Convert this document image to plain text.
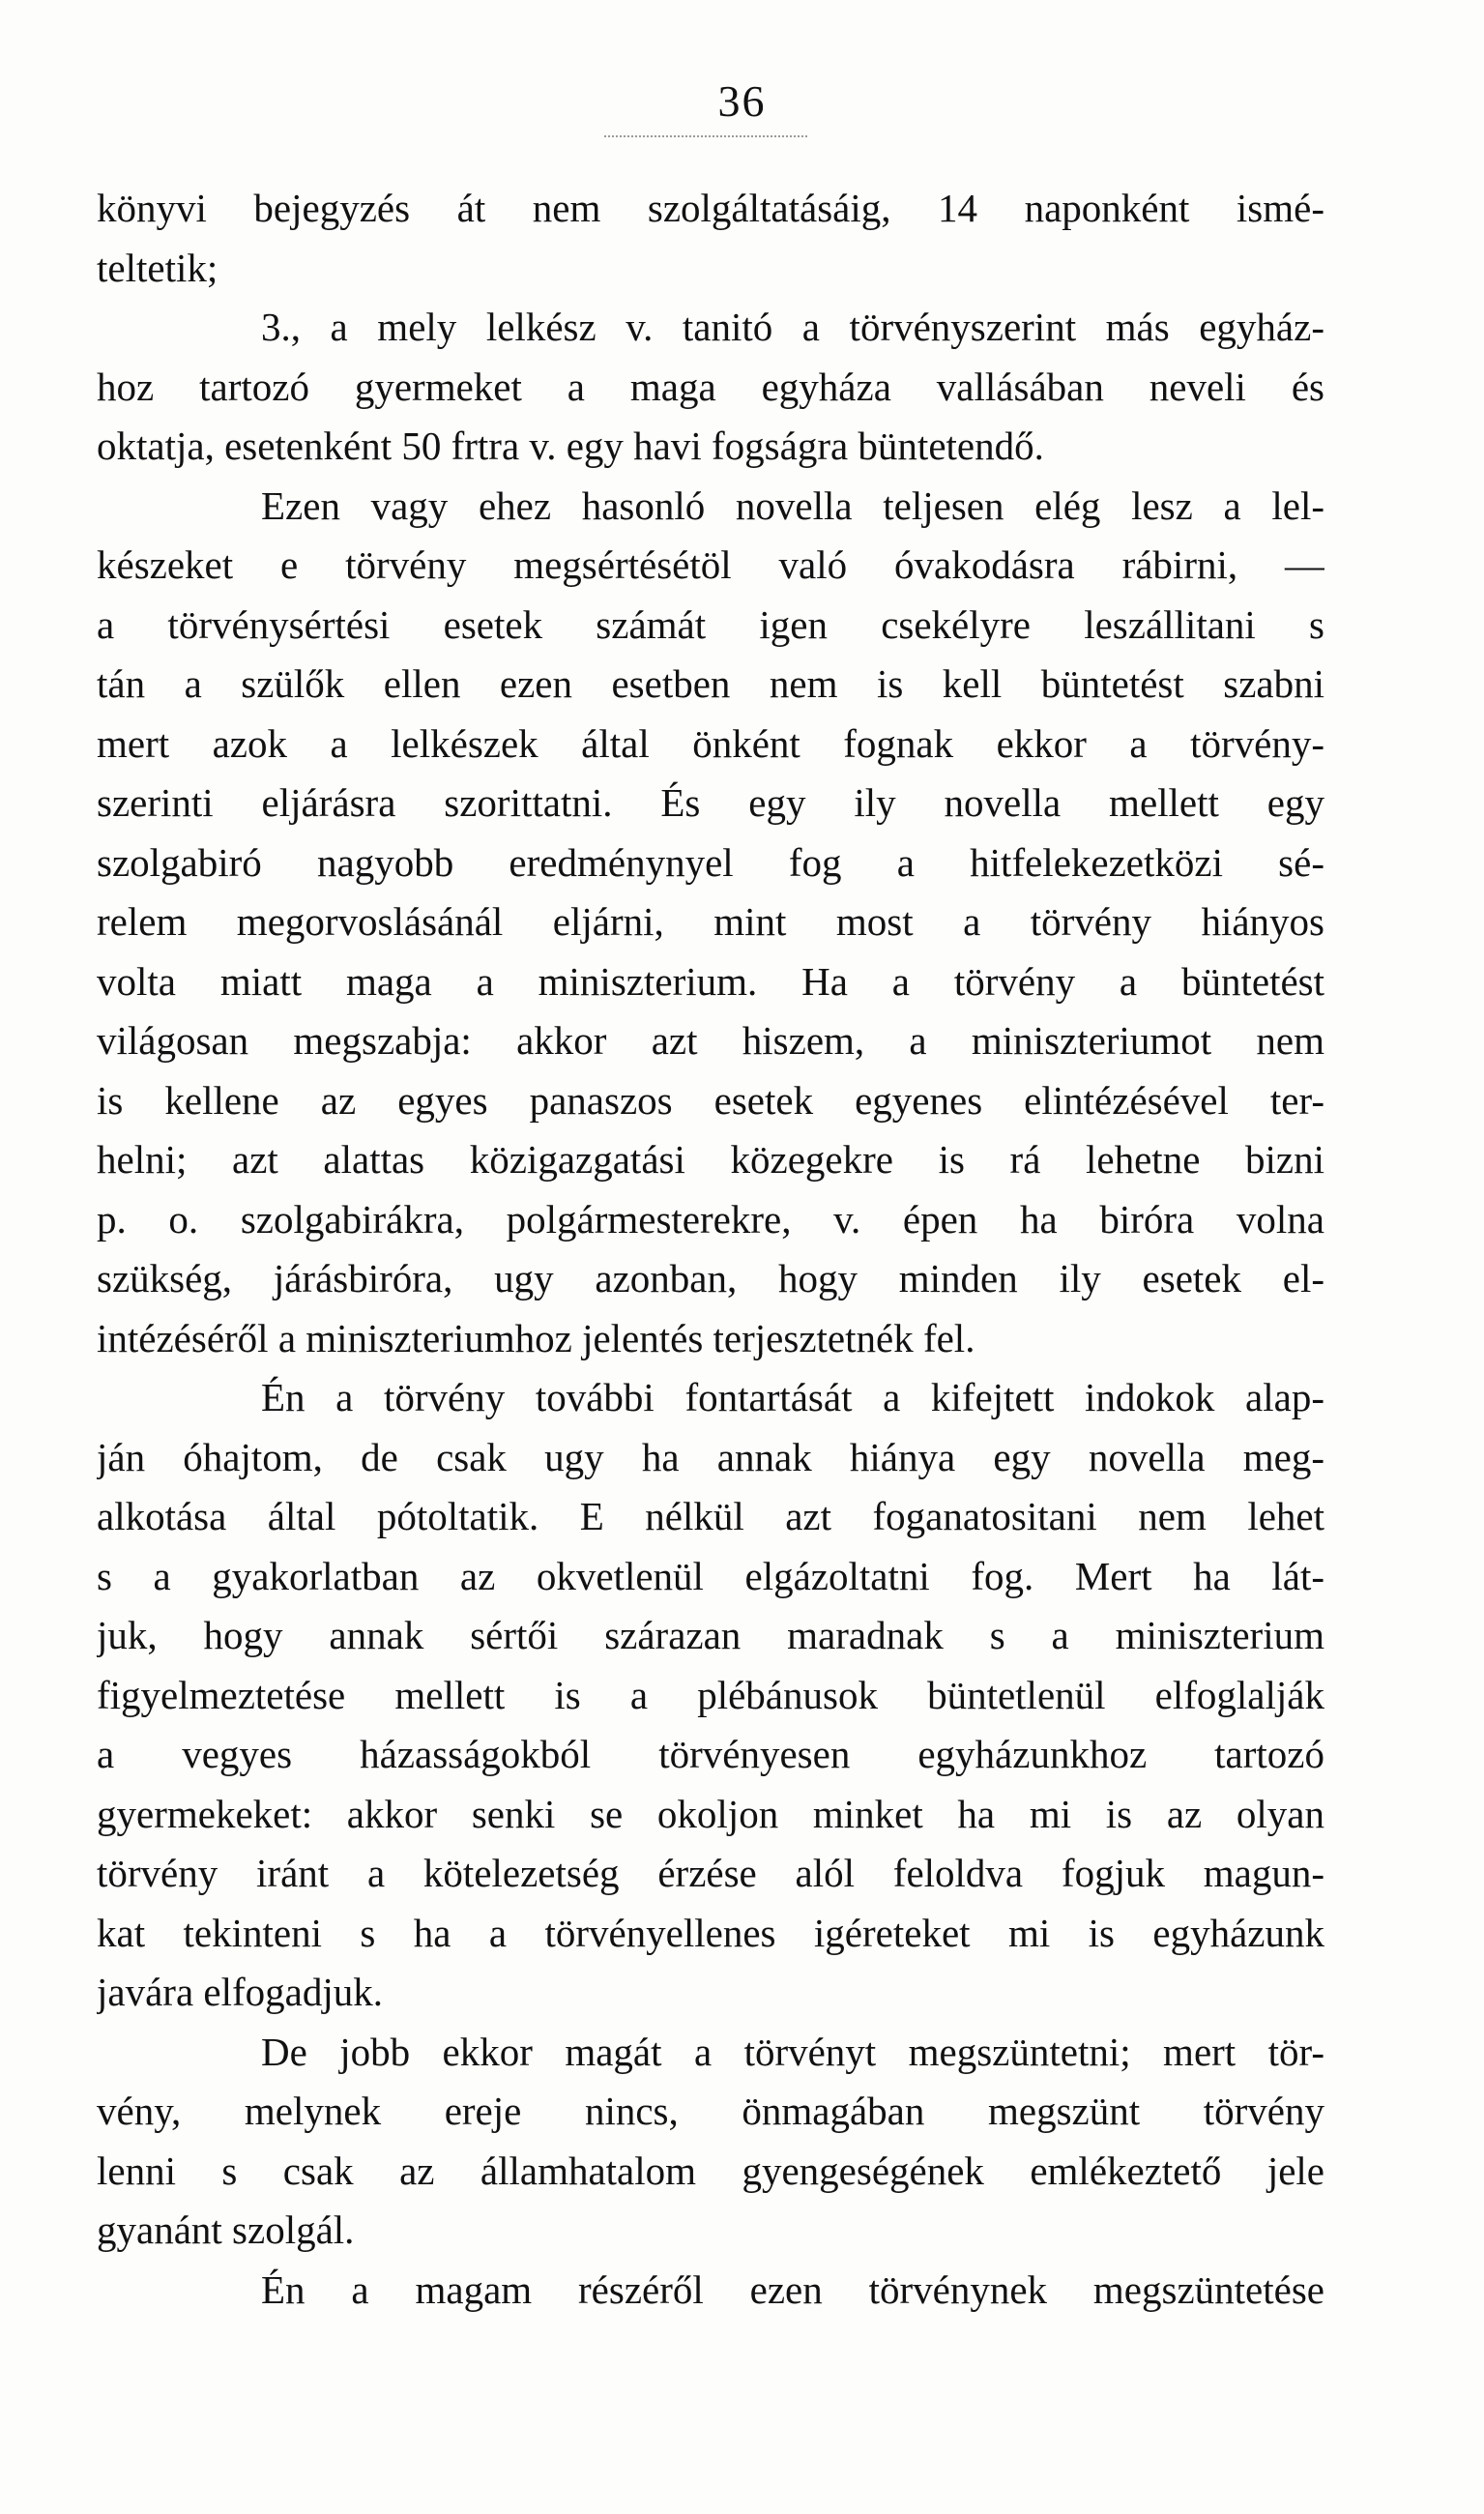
36
könyvi bejegyzés át nem szolgáltatásáig, 14 naponként ismé-
teltetik;
3., a mely lelkész v. tanitó a törvényszerint más egyház-
hoz tartozó gyermeket a maga egyháza vallásában neveli és
oktatja, esetenként 50 frtra v. egy havi fogságra büntetendő.
Ezen vagy ehez hasonló novella teljesen elég lesz a lel-
készeket e törvény megsértésétöl való óvakodásra rábirni, —
a törvénysértési esetek számát igen csekélyre leszállitani s
tán a szülők ellen ezen esetben nem is kell büntetést szabni
mert azok a lelkészek által önként fognak ekkor a törvény-
szerinti eljárásra szorittatni. És egy ily novella mellett egy
szolgabiró nagyobb eredménynyel fog a hitfelekezetközi sé-
relem megorvoslásánál eljárni, mint most a törvény hiányos
volta miatt maga a miniszterium. Ha a törvény a büntetést
világosan megszabja: akkor azt hiszem, a miniszteriumot nem
is kellene az egyes panaszos esetek egyenes elintézésével ter-
helni; azt alattas közigazgatási közegekre is rá lehetne bizni
p. o. szolgabirákra, polgármesterekre, v. épen ha biróra volna
szükség, járásbiróra, ugy azonban, hogy minden ily esetek el-
intézéséről a miniszteriumhoz jelentés terjesztetnék fel.
Én a törvény további fontartását a kifejtett indokok alap-
ján óhajtom, de csak ugy ha annak hiánya egy novella meg-
alkotása által pótoltatik. E nélkül azt foganatositani nem lehet
s a gyakorlatban az okvetlenül elgázoltatni fog. Mert ha lát-
juk, hogy annak sértői szárazan maradnak s a miniszterium
figyelmeztetése mellett is a plébánusok büntetlenül elfoglalják
a vegyes házasságokból törvényesen egyházunkhoz tartozó
gyermekeket: akkor senki se okoljon minket ha mi is az olyan
törvény iránt a kötelezetség érzése alól feloldva fogjuk magun-
kat tekinteni s ha a törvényellenes igéreteket mi is egyházunk
javára elfogadjuk.
De jobb ekkor magát a törvényt megszüntetni; mert tör-
vény, melynek ereje nincs, önmagában megszünt törvény
lenni s csak az államhatalom gyengeségének emlékeztető jele
gyanánt szolgál.
Én a magam részéről ezen törvénynek megszüntetése
